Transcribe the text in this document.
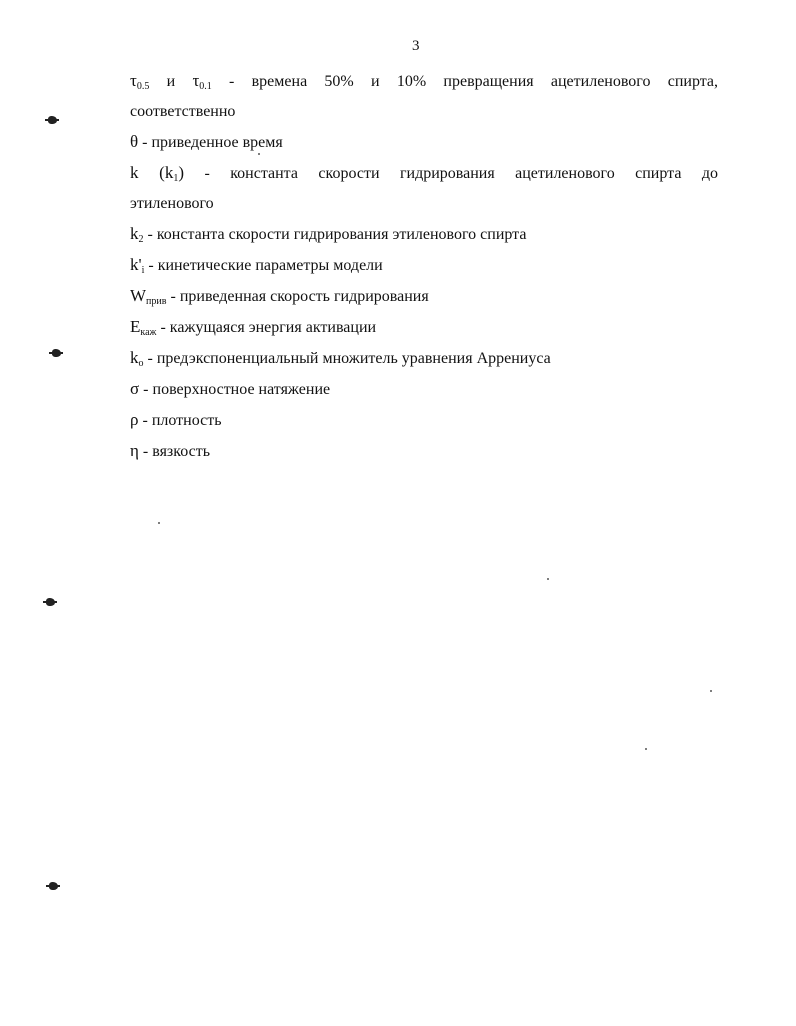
3

$\tau_{0.5}$ и $\tau_{0.1}$ - времена 50% и 10% превращения ацетиленового спирта,

соответственно

θ - приведенное время

k $(k_1)$ - константа скорости гидрирования ацетиленового спирта до

этиленового

$k_2$ - константа скорости гидрирования этиленового спирта

$k'_i$ - кинетические параметры модели

$W_{прив}$ - приведенная скорость гидрирования

$E_{каж}$ - кажущаяся энергия активации

$k_o$ - предэкспоненциальный множитель уравнения Аррениуса

σ - поверхностное натяжение

ρ - плотность

η - вязкость
